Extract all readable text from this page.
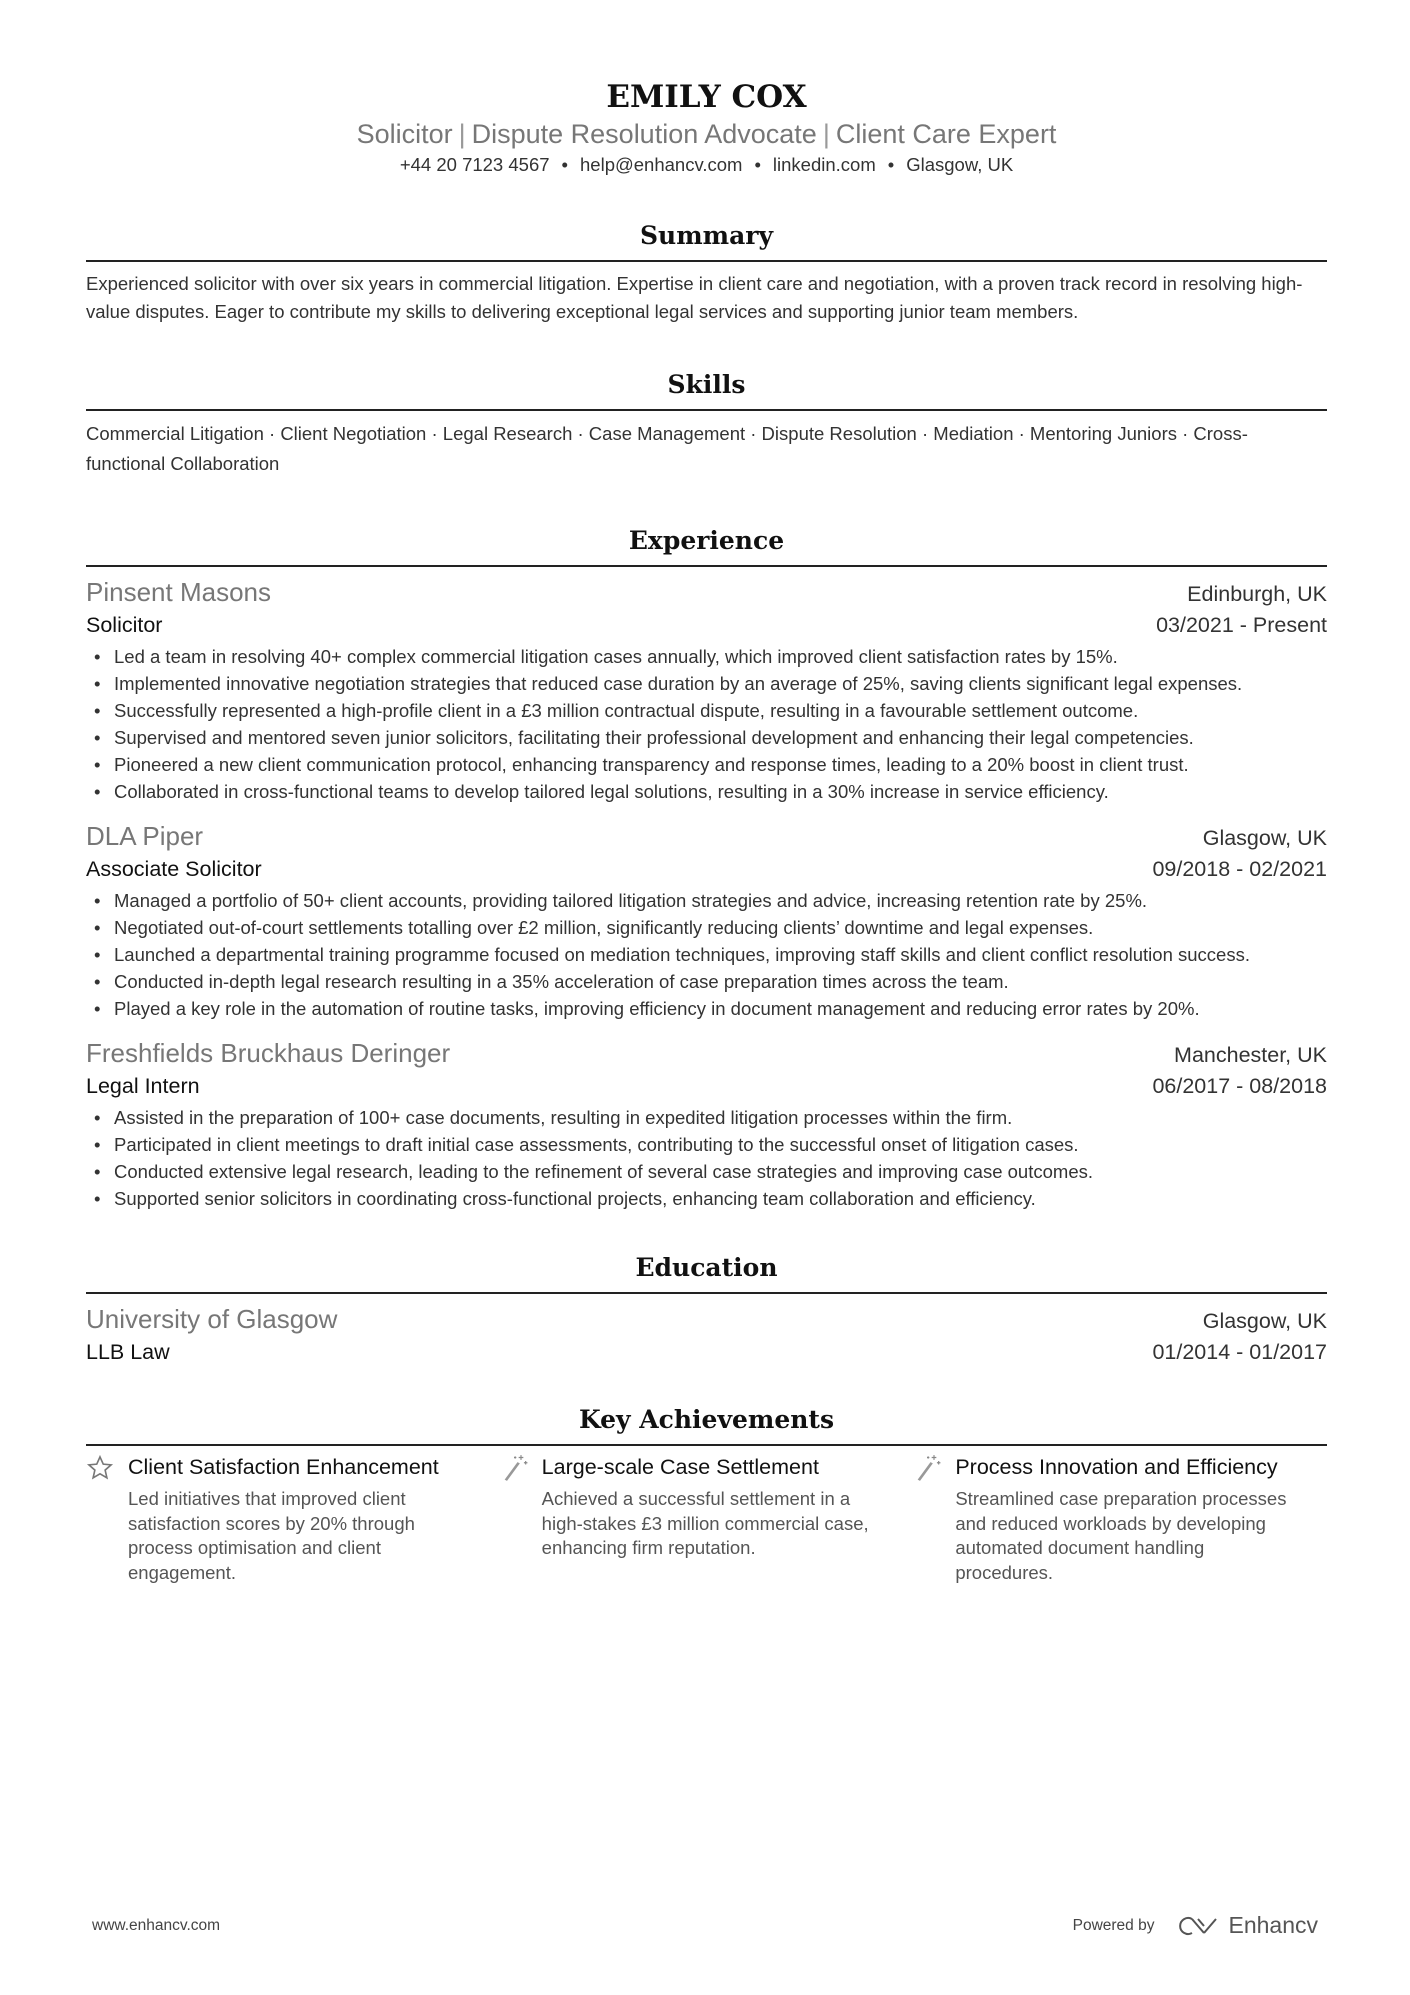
EMILY COX
Solicitor | Dispute Resolution Advocate | Client Care Expert
+44 20 7123 4567 • help@enhancv.com • linkedin.com • Glasgow, UK
Summary
Experienced solicitor with over six years in commercial litigation. Expertise in client care and negotiation, with a proven track record in resolving high-value disputes. Eager to contribute my skills to delivering exceptional legal services and supporting junior team members.
Skills
Commercial Litigation · Client Negotiation · Legal Research · Case Management · Dispute Resolution · Mediation · Mentoring Juniors · Cross-functional Collaboration
Experience
Pinsent Masons	Edinburgh, UK
Solicitor	03/2021 - Present
• Led a team in resolving 40+ complex commercial litigation cases annually, which improved client satisfaction rates by 15%.
• Implemented innovative negotiation strategies that reduced case duration by an average of 25%, saving clients significant legal expenses.
• Successfully represented a high-profile client in a £3 million contractual dispute, resulting in a favourable settlement outcome.
• Supervised and mentored seven junior solicitors, facilitating their professional development and enhancing their legal competencies.
• Pioneered a new client communication protocol, enhancing transparency and response times, leading to a 20% boost in client trust.
• Collaborated in cross-functional teams to develop tailored legal solutions, resulting in a 30% increase in service efficiency.
DLA Piper	Glasgow, UK
Associate Solicitor	09/2018 - 02/2021
• Managed a portfolio of 50+ client accounts, providing tailored litigation strategies and advice, increasing retention rate by 25%.
• Negotiated out-of-court settlements totalling over £2 million, significantly reducing clients’ downtime and legal expenses.
• Launched a departmental training programme focused on mediation techniques, improving staff skills and client conflict resolution success.
• Conducted in-depth legal research resulting in a 35% acceleration of case preparation times across the team.
• Played a key role in the automation of routine tasks, improving efficiency in document management and reducing error rates by 20%.
Freshfields Bruckhaus Deringer	Manchester, UK
Legal Intern	06/2017 - 08/2018
• Assisted in the preparation of 100+ case documents, resulting in expedited litigation processes within the firm.
• Participated in client meetings to draft initial case assessments, contributing to the successful onset of litigation cases.
• Conducted extensive legal research, leading to the refinement of several case strategies and improving case outcomes.
• Supported senior solicitors in coordinating cross-functional projects, enhancing team collaboration and efficiency.
Education
University of Glasgow	Glasgow, UK
LLB Law	01/2014 - 01/2017
Key Achievements
Client Satisfaction Enhancement
Led initiatives that improved client satisfaction scores by 20% through process optimisation and client engagement.
Large-scale Case Settlement
Achieved a successful settlement in a high-stakes £3 million commercial case, enhancing firm reputation.
Process Innovation and Efficiency
Streamlined case preparation processes and reduced workloads by developing automated document handling procedures.
www.enhancv.com	Powered by	Enhancv
